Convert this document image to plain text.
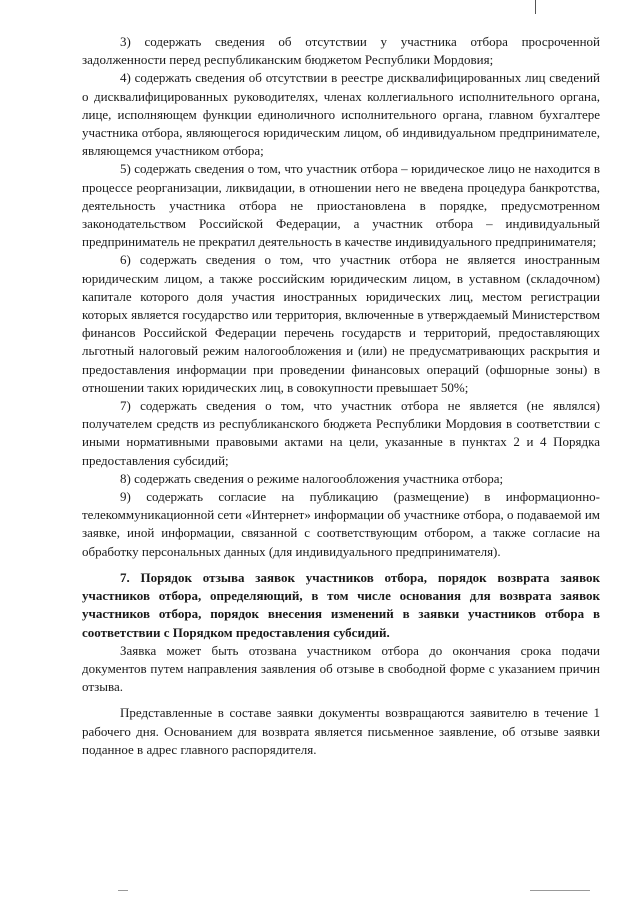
3) содержать сведения об отсутствии у участника отбора просроченной задолженности перед республиканским бюджетом Республики Мордовия;

4) содержать сведения об отсутствии в реестре дисквалифицированных лиц сведений о дисквалифицированных руководителях, членах коллегиального исполнительного органа, лице, исполняющем функции единоличного исполнительного органа, главном бухгалтере участника отбора, являющегося юридическим лицом, об индивидуальном предпринимателе, являющемся участником отбора;

5) содержать сведения о том, что участник отбора – юридическое лицо не находится в процессе реорганизации, ликвидации, в отношении него не введена процедура банкротства, деятельность участника отбора не приостановлена в порядке, предусмотренном законодательством Российской Федерации, а участник отбора – индивидуальный предприниматель не прекратил деятельность в качестве индивидуального предпринимателя;

6) содержать сведения о том, что участник отбора не является иностранным юридическим лицом, а также российским юридическим лицом, в уставном (складочном) капитале которого доля участия иностранных юридических лиц, местом регистрации которых является государство или территория, включенные в утверждаемый Министерством финансов Российской Федерации перечень государств и территорий, предоставляющих льготный налоговый режим налогообложения и (или) не предусматривающих раскрытия и предоставления информации при проведении финансовых операций (офшорные зоны) в отношении таких юридических лиц, в совокупности превышает 50%;

7) содержать сведения о том, что участник отбора не является (не являлся) получателем средств из республиканского бюджета Республики Мордовия в соответствии с иными нормативными правовыми актами на цели, указанные в пунктах 2 и 4 Порядка предоставления субсидий;

8) содержать сведения о режиме налогообложения участника отбора;

9) содержать согласие на публикацию (размещение) в информационно-телекоммуникационной сети «Интернет» информации об участнике отбора, о подаваемой им заявке, иной информации, связанной с соответствующим отбором, а также согласие на обработку персональных данных (для индивидуального предпринимателя).

7. Порядок отзыва заявок участников отбора, порядок возврата заявок участников отбора, определяющий, в том числе основания для возврата заявок участников отбора, порядок внесения изменений в заявки участников отбора в соответствии с Порядком предоставления субсидий.

Заявка может быть отозвана участником отбора до окончания срока подачи документов путем направления заявления об отзыве в свободной форме с указанием причин отзыва.

Представленные в составе заявки документы возвращаются заявителю в течение 1 рабочего дня. Основанием для возврата является письменное заявление, об отзыве заявки поданное в адрес главного распорядителя.
